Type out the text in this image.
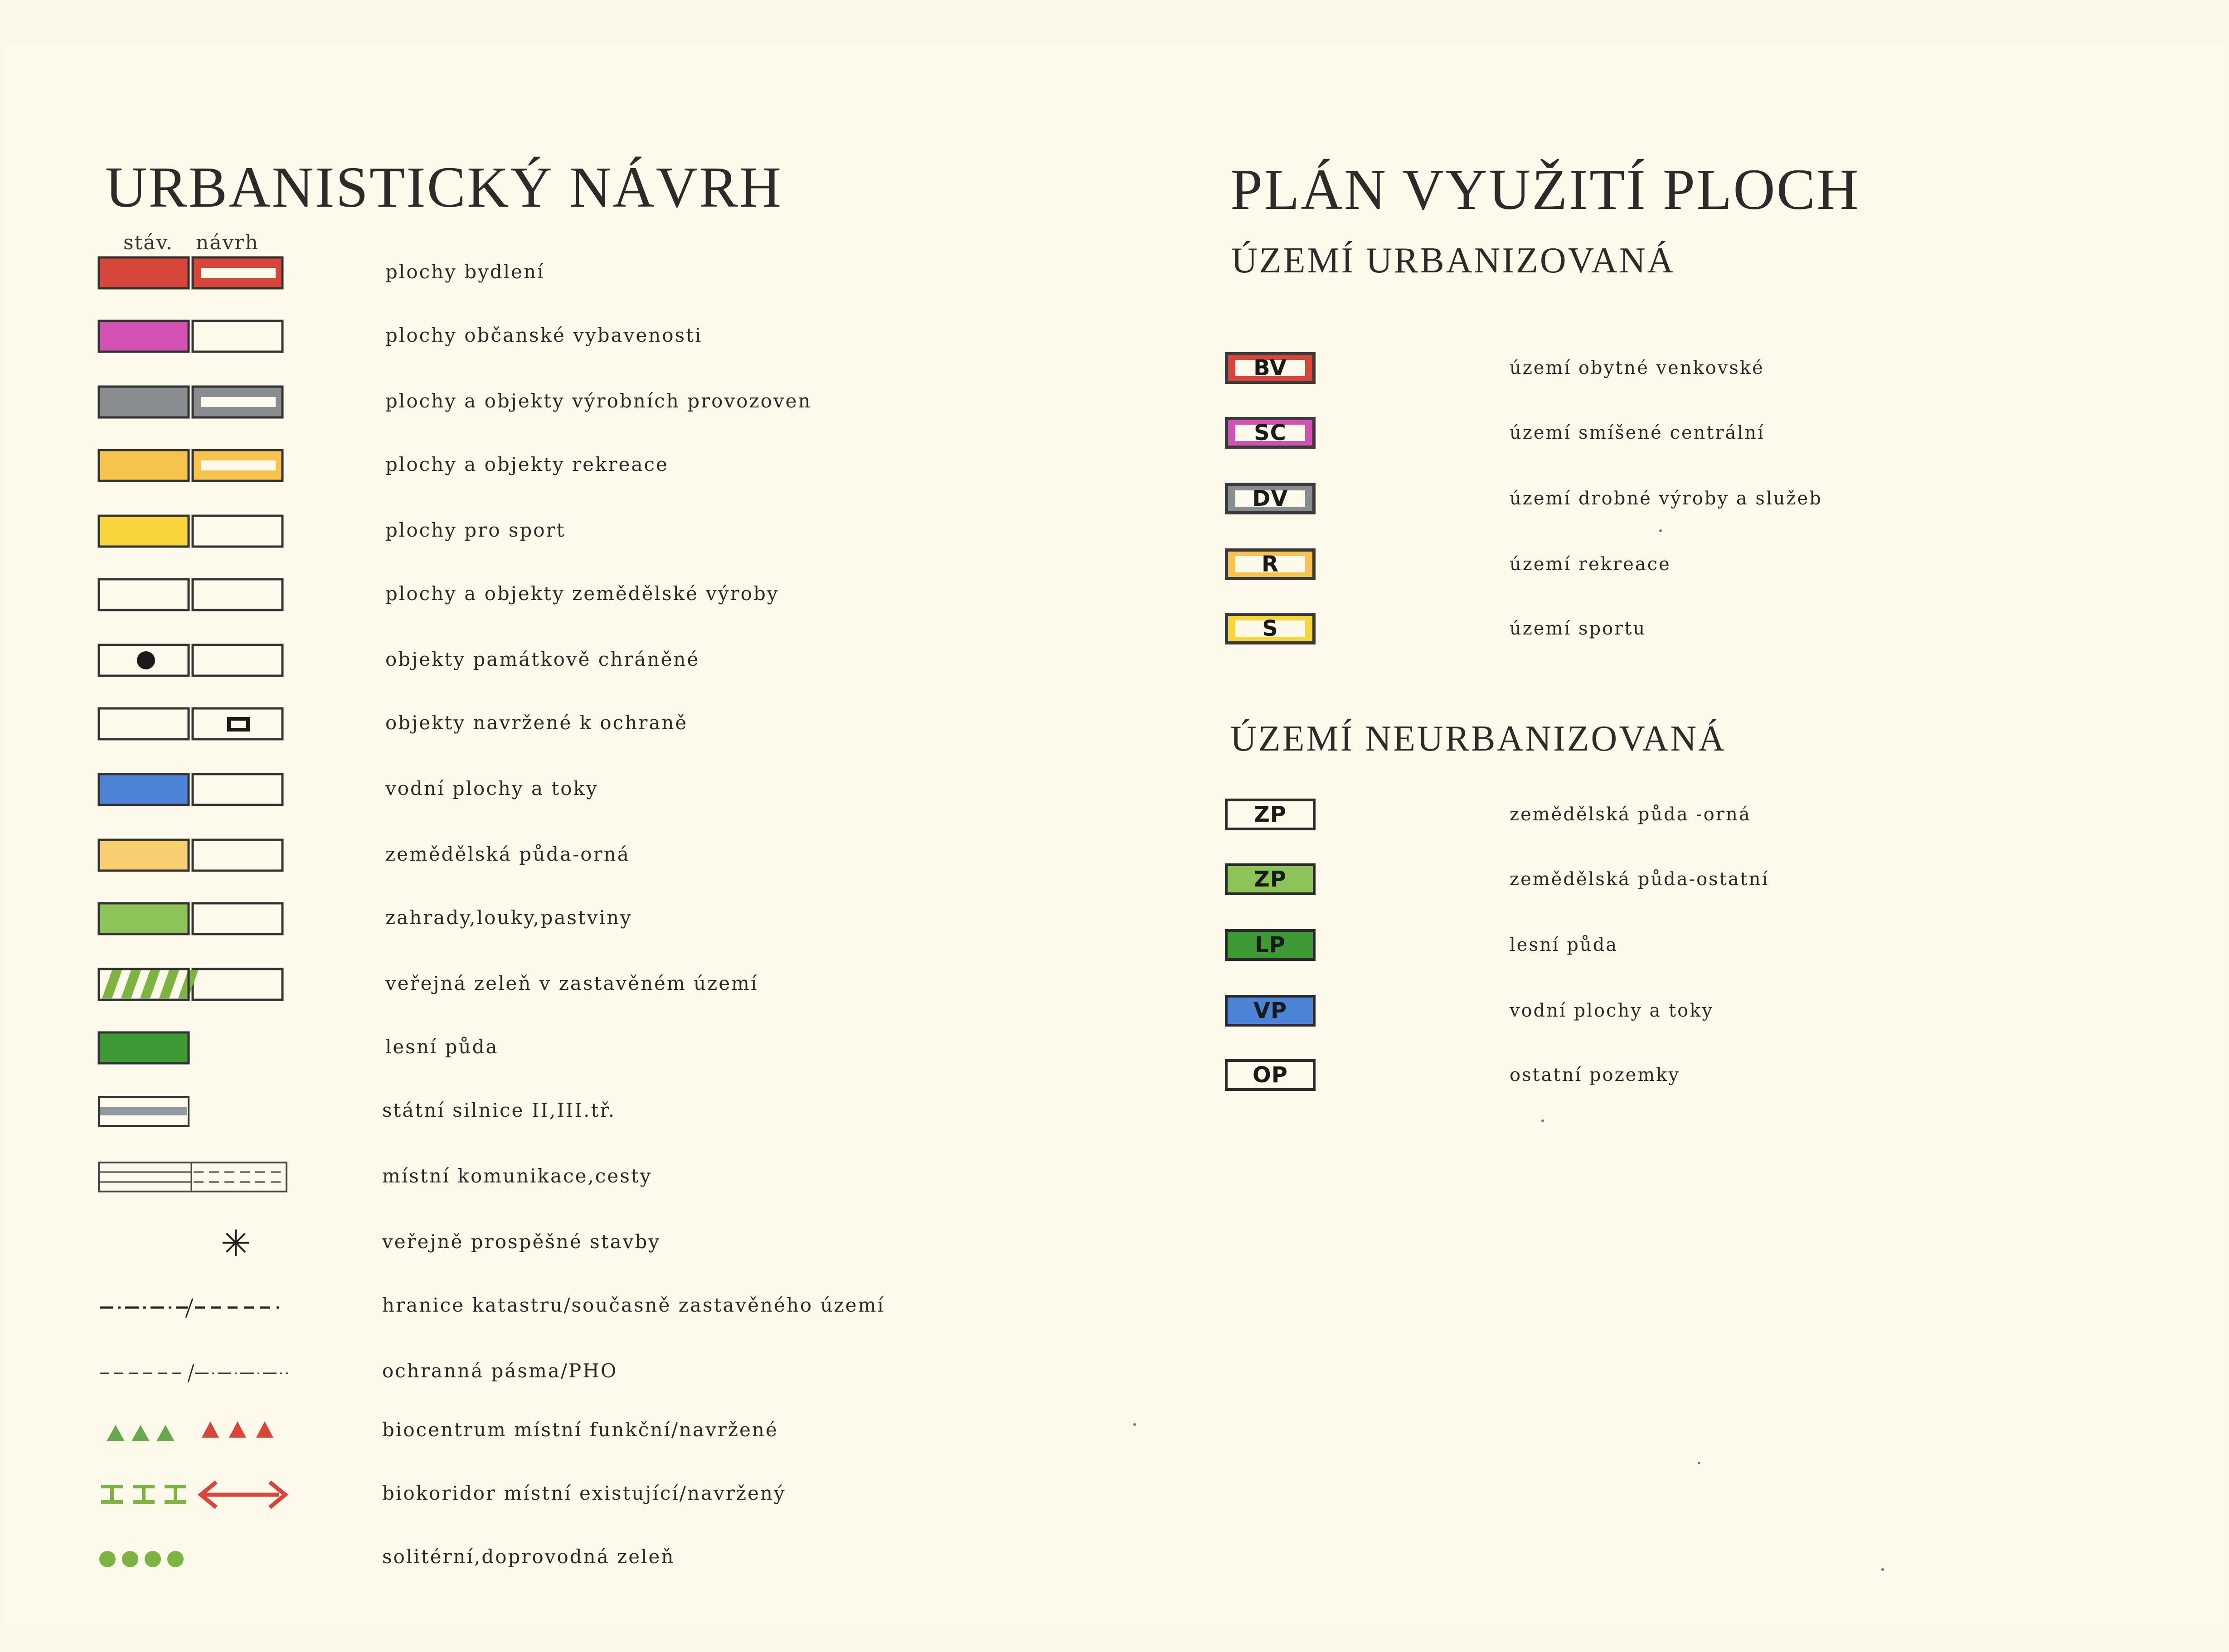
URBANISTICKÝ NÁVRH
stáv. návrh
plochy bydlení
plochy občanské vybavenosti
plochy a objekty výrobních provozoven
plochy a objekty rekreace
plochy pro sport
plochy a objekty zemědělské výroby
objekty památkově chráněné
objekty navržené k ochraně
vodní plochy a toky
zemědělská půda-orná
zahrady,louky,pastviny
veřejná zeleň v zastavěném území
lesní půda
státní silnice II,III.tř.
místní komunikace,cesty
✳	veřejně prospěšné stavby
hranice katastru/současně zastavěného území
ochranná pásma/PHO
biocentrum místní funkční/navržené
biokoridor místní existující/navržený
solitérní,doprovodná zeleň
PLÁN VYUŽITÍ PLOCH
ÚZEMÍ URBANIZOVANÁ
ÚZEMÍ NEURBANIZOVANÁ
BV	území obytné venkovské
SC	území smíšené centrální
DV	území drobné výroby a služeb
R	území rekreace
S	území sportu
ZP	zemědělská půda -orná
ZP	zemědělská půda-ostatní
LP	lesní půda
VP	vodní plochy a toky
OP	ostatní pozemky
